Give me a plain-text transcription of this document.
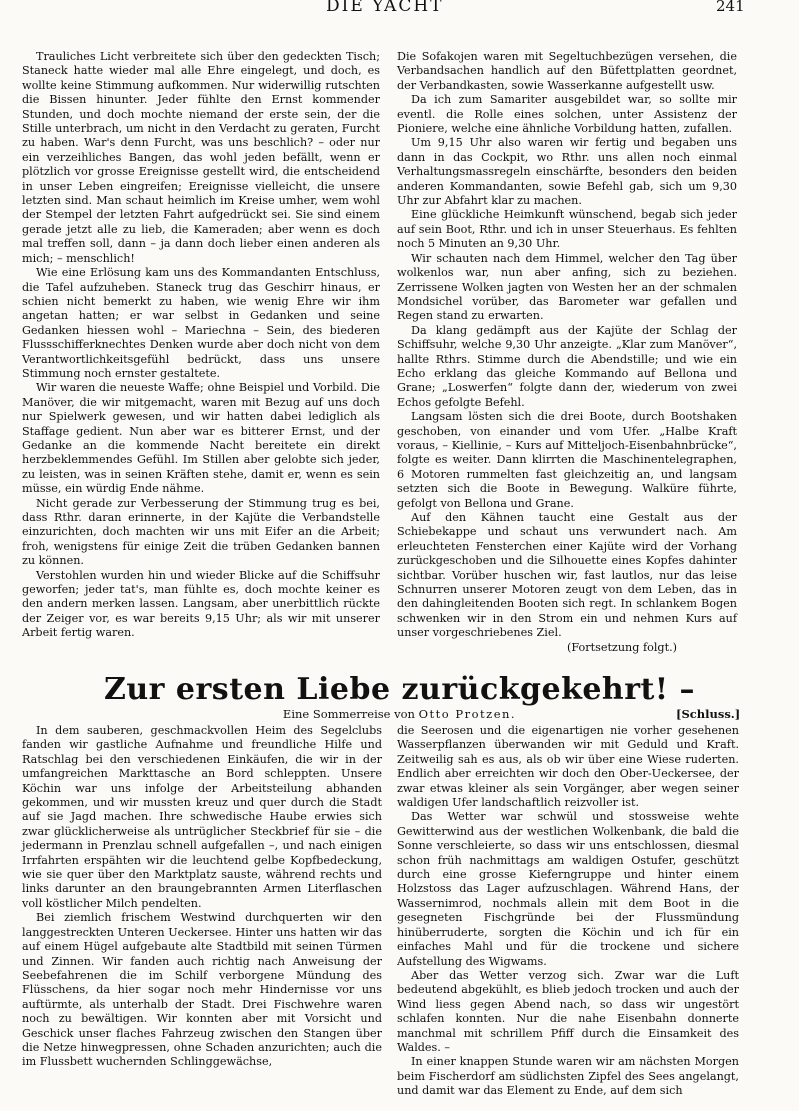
DIE YACHT	241

Trauliches Licht verbreitete sich über den gedeckten Tisch; Staneck hatte wieder mal alle Ehre eingelegt, und doch, es wollte keine Stimmung aufkommen. Nur widerwillig rutschten die Bissen hinunter. Jeder fühlte den Ernst kommender Stunden, und doch mochte niemand der erste sein, der die Stille unterbrach, um nicht in den Verdacht zu geraten, Furcht zu haben. War's denn Furcht, was uns beschlich? – oder nur ein verzeihliches Bangen, das wohl jeden befällt, wenn er plötzlich vor grosse Ereignisse gestellt wird, die entscheidend in unser Leben eingreifen; Ereignisse vielleicht, die unsere letzten sind. Man schaut heimlich im Kreise umher, wem wohl der Stempel der letzten Fahrt aufgedrückt sei. Sie sind einem gerade jetzt alle zu lieb, die Kameraden; aber wenn es doch mal treffen soll, dann – ja dann doch lieber einen anderen als mich; – menschlich!

Wie eine Erlösung kam uns des Kommandanten Entschluss, die Tafel aufzuheben. Staneck trug das Geschirr hinaus, er schien nicht bemerkt zu haben, wie wenig Ehre wir ihm angetan hatten; er war selbst in Gedanken und seine Gedanken hiessen wohl – Mariechna – Sein, des biederen Flussschifferknechtes Denken wurde aber doch nicht von dem Verantwortlichkeitsgefühl bedrückt, dass uns unsere Stimmung noch ernster gestaltete.

Wir waren die neueste Waffe; ohne Beispiel und Vorbild. Die Manöver, die wir mitgemacht, waren mit Bezug auf uns doch nur Spielwerk gewesen, und wir hatten dabei lediglich als Staffage gedient. Nun aber war es bitterer Ernst, und der Gedanke an die kommende Nacht bereitete ein direkt herzbeklemmendes Gefühl. Im Stillen aber gelobte sich jeder, zu leisten, was in seinen Kräften stehe, damit er, wenn es sein müsse, ein würdig Ende nähme.

Nicht gerade zur Verbesserung der Stimmung trug es bei, dass Rthr. daran erinnerte, in der Kajüte die Verbandstelle einzurichten, doch machten wir uns mit Eifer an die Arbeit; froh, wenigstens für einige Zeit die trüben Gedanken bannen zu können.

Verstohlen wurden hin und wieder Blicke auf die Schiffsuhr geworfen; jeder tat's, man fühlte es, doch mochte keiner es den andern merken lassen. Langsam, aber unerbittlich rückte der Zeiger vor, es war bereits 9,15 Uhr; als wir mit unserer Arbeit fertig waren.

Die Sofakojen waren mit Segeltuchbezügen versehen, die Verbandsachen handlich auf den Büfettplatten geordnet, der Verbandkasten, sowie Wasserkanne aufgestellt usw.

Da ich zum Samariter ausgebildet war, so sollte mir eventl. die Rolle eines solchen, unter Assistenz der Pioniere, welche eine ähnliche Vorbildung hatten, zufallen.

Um 9,15 Uhr also waren wir fertig und begaben uns dann in das Cockpit, wo Rthr. uns allen noch einmal Verhaltungsmassregeln einschärfte, besonders den beiden anderen Kommandanten, sowie Befehl gab, sich um 9,30 Uhr zur Abfahrt klar zu machen.

Eine glückliche Heimkunft wünschend, begab sich jeder auf sein Boot, Rthr. und ich in unser Steuerhaus. Es fehlten noch 5 Minuten an 9,30 Uhr.

Wir schauten nach dem Himmel, welcher den Tag über wolkenlos war, nun aber anfing, sich zu beziehen. Zerrissene Wolken jagten von Westen her an der schmalen Mondsichel vorüber, das Barometer war gefallen und Regen stand zu erwarten.

Da klang gedämpft aus der Kajüte der Schlag der Schiffsuhr, welche 9,30 Uhr anzeigte. „Klar zum Manöver“, hallte Rthrs. Stimme durch die Abendstille; und wie ein Echo erklang das gleiche Kommando auf Bellona und Grane; „Loswerfen“ folgte dann der, wiederum von zwei Echos gefolgte Befehl.

Langsam lösten sich die drei Boote, durch Bootshaken geschoben, von einander und vom Ufer. „Halbe Kraft voraus, – Kiellinie, – Kurs auf Mitteljoch-Eisenbahnbrücke“, folgte es weiter. Dann klirrten die Maschinentelegraphen, 6 Motoren rummelten fast gleichzeitig an, und langsam setzten sich die Boote in Bewegung. Walküre führte, gefolgt von Bellona und Grane.

Auf den Kähnen taucht eine Gestalt aus der Schiebekappe und schaut uns verwundert nach. Am erleuchteten Fensterchen einer Kajüte wird der Vorhang zurückgeschoben und die Silhouette eines Kopfes dahinter sichtbar. Vorüber huschen wir, fast lautlos, nur das leise Schnurren unserer Motoren zeugt von dem Leben, das in den dahingleitenden Booten sich regt. In schlankem Bogen schwenken wir in den Strom ein und nehmen Kurs auf unser vorgeschriebenes Ziel.

(Fortsetzung folgt.)

Zur ersten Liebe zurückgekehrt! –
Eine Sommerreise von Otto Protzen.	[Schluss.]

In dem sauberen, geschmackvollen Heim des Segelclubs fanden wir gastliche Aufnahme und freundliche Hilfe und Ratschlag bei den verschiedenen Einkäufen, die wir in der umfangreichen Markttasche an Bord schleppten. Unsere Köchin war uns infolge der Arbeitsteilung abhanden gekommen, und wir mussten kreuz und quer durch die Stadt auf sie Jagd machen. Ihre schwedische Haube erwies sich zwar glücklicherweise als untrüglicher Steckbrief für sie – die jedermann in Prenzlau schnell aufgefallen –, und nach einigen Irrfahrten erspähten wir die leuchtend gelbe Kopfbedeckung, wie sie quer über den Marktplatz sauste, während rechts und links darunter an den braungebrannten Armen Literflaschen voll köstlicher Milch pendelten.

Bei ziemlich frischem Westwind durchquerten wir den langgestreckten Unteren Ueckersee. Hinter uns hatten wir das auf einem Hügel aufgebaute alte Stadtbild mit seinen Türmen und Zinnen. Wir fanden auch richtig nach Anweisung der Seebefahrenen die im Schilf verborgene Mündung des Flüsschens, da hier sogar noch mehr Hindernisse vor uns auftürmte, als unterhalb der Stadt. Drei Fischwehre waren noch zu bewältigen. Wir konnten aber mit Vorsicht und Geschick unser flaches Fahrzeug zwischen den Stangen über die Netze hinwegpressen, ohne Schaden anzurichten; auch die im Flussbett wuchernden Schlinggewächse,

die Seerosen und die eigenartigen nie vorher gesehenen Wasserpflanzen überwanden wir mit Geduld und Kraft. Zeitweilig sah es aus, als ob wir über eine Wiese ruderten. Endlich aber erreichten wir doch den Ober-Ueckersee, der zwar etwas kleiner als sein Vorgänger, aber wegen seiner waldigen Ufer landschaftlich reizvoller ist.

Das Wetter war schwül und stossweise wehte Gewitterwind aus der westlichen Wolkenbank, die bald die Sonne verschleierte, so dass wir uns entschlossen, diesmal schon früh nachmittags am waldigen Ostufer, geschützt durch eine grosse Kieferngruppe und hinter einem Holzstoss das Lager aufzuschlagen. Während Hans, der Wassernimrod, nochmals allein mit dem Boot in die gesegneten Fischgründe bei der Flussmündung hinüberruderte, sorgten die Köchin und ich für ein einfaches Mahl und für die trockene und sichere Aufstellung des Wigwams.

Aber das Wetter verzog sich. Zwar war die Luft bedeutend abgekühlt, es blieb jedoch trocken und auch der Wind liess gegen Abend nach, so dass wir ungestört schlafen konnten. Nur die nahe Eisenbahn donnerte manchmal mit schrillem Pfiff durch die Einsamkeit des Waldes. –

In einer knappen Stunde waren wir am nächsten Morgen beim Fischerdorf am südlichsten Zipfel des Sees angelangt, und damit war das Element zu Ende, auf dem sich
